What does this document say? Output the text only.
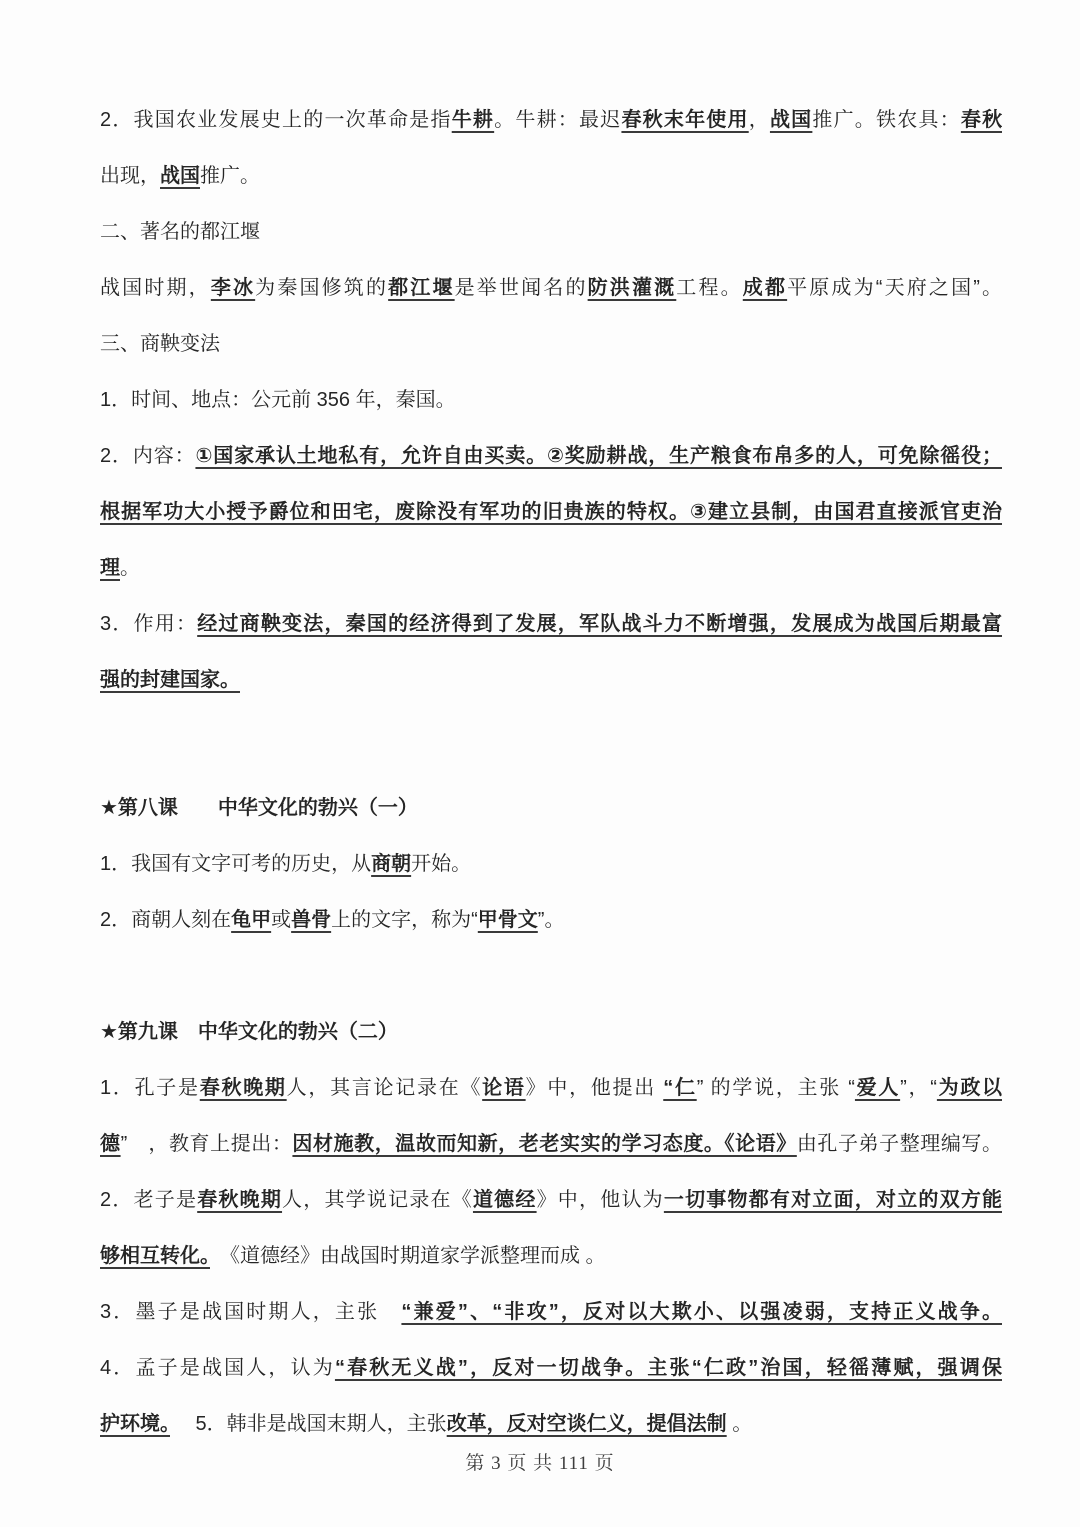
2．我国农业发展史上的一次革命是指牛耕。牛耕：最迟春秋末年使用，战国推广。铁农具：春秋
出现，战国推广。
二、著名的都江堰
战国时期，李冰为秦国修筑的都江堰是举世闻名的防洪灌溉工程。成都平原成为“天府之国”。
三、商鞅变法
1．时间、地点：公元前 356 年，秦国。
2．内容：①国家承认土地私有，允许自由买卖。②奖励耕战，生产粮食布帛多的人，可免除徭役；
根据军功大小授予爵位和田宅，废除没有军功的旧贵族的特权。③建立县制，由国君直接派官吏治
理。
3．作用：经过商鞅变法，秦国的经济得到了发展，军队战斗力不断增强，发展成为战国后期最富
强的封建国家。
★第八课　　中华文化的勃兴（一）
1．我国有文字可考的历史，从商朝开始。
2．商朝人刻在龟甲或兽骨上的文字，称为“甲骨文”。
★第九课　中华文化的勃兴（二）
1．孔子是春秋晚期人，其言论记录在《论语》中，他提出 “仁” 的学说，主张 “爱人”，“为政以
德”　，教育上提出：因材施教，温故而知新，老老实实的学习态度。《论语》由孔子弟子整理编写。
2．老子是春秋晚期人，其学说记录在《道德经》中，他认为一切事物都有对立面，对立的双方能
够相互转化。　《道德经》由战国时期道家学派整理而成 。
3．墨子是战国时期人，主张　“兼爱”、“非攻”，反对以大欺小、以强凌弱，支持正义战争。
4．孟子是战国人，认为“春秋无义战”，反对一切战争。主张“仁政”治国，轻徭薄赋，强调保
护环境。　 5．韩非是战国末期人，主张改革，反对空谈仁义，提倡法制 。
第 3 页 共 111 页
